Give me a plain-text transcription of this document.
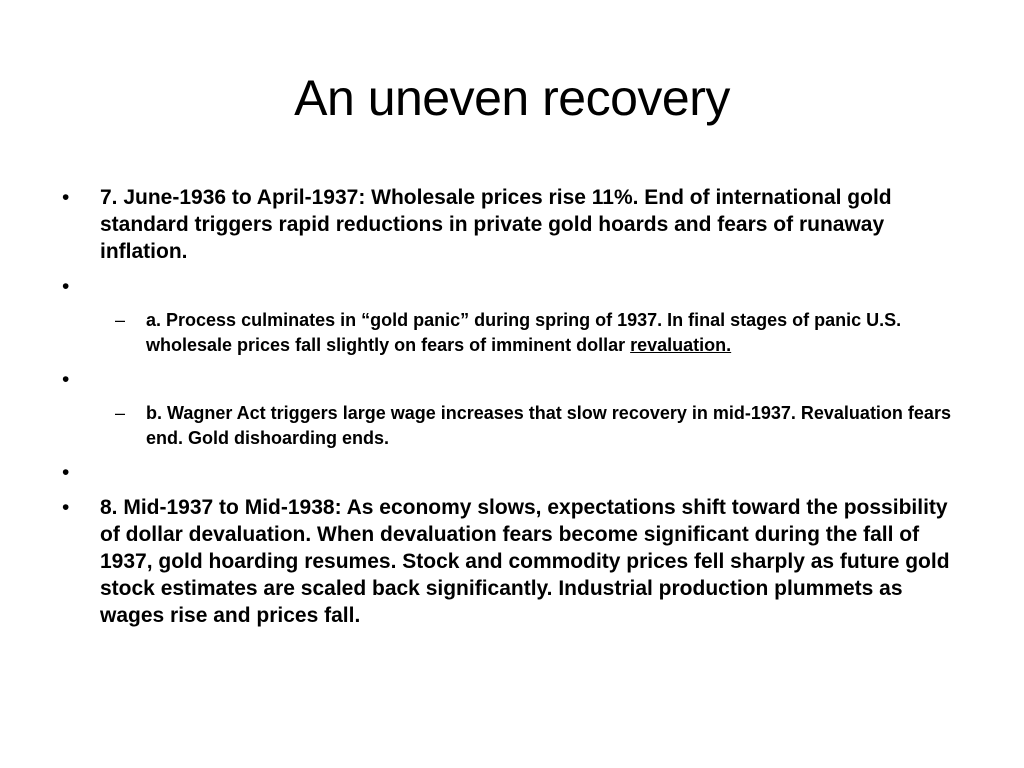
An uneven recovery
• 7. June-1936 to April-1937: Wholesale prices rise 11%. End of international gold standard triggers rapid reductions in private gold hoards and fears of runaway inflation.
•
– a. Process culminates in “gold panic” during spring of 1937. In final stages of panic U.S. wholesale prices fall slightly on fears of imminent dollar revaluation.
•
– b. Wagner Act triggers large wage increases that slow recovery in mid-1937. Revaluation fears end. Gold dishoarding ends.
•
• 8. Mid-1937 to Mid-1938: As economy slows, expectations shift toward the possibility of dollar devaluation. When devaluation fears become significant during the fall of 1937, gold hoarding resumes. Stock and commodity prices fell sharply as future gold stock estimates are scaled back significantly. Industrial production plummets as wages rise and prices fall.
